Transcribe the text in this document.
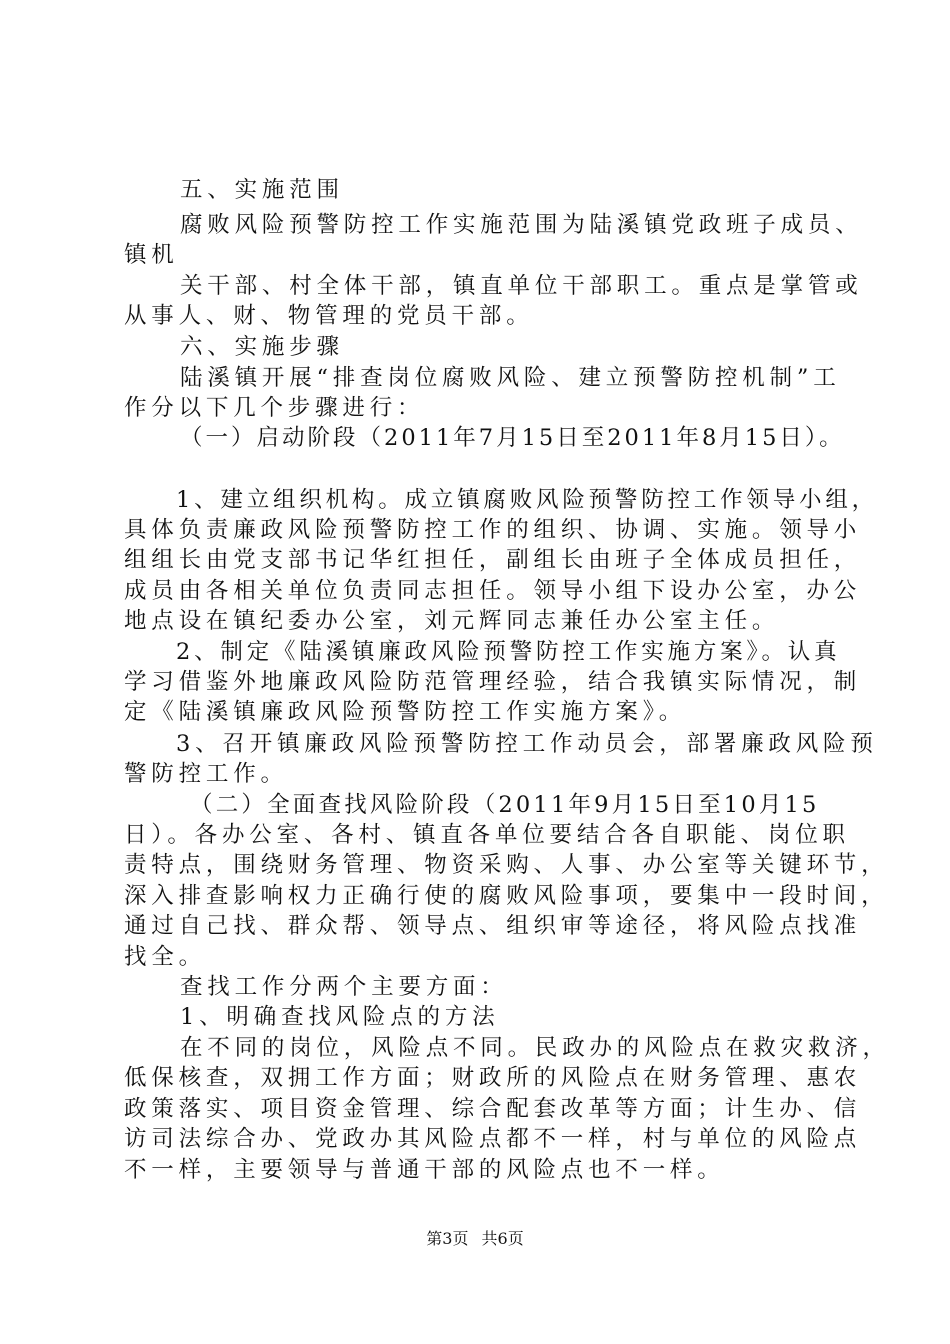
五、实施范围
腐败风险预警防控工作实施范围为陆溪镇党政班子成员、
镇机
关干部、村全体干部，镇直单位干部职工。重点是掌管或
从事人、财、物管理的党员干部。
六、实施步骤
陆溪镇开展“排查岗位腐败风险、建立预警防控机制”工
作分以下几个步骤进行：
（一）启动阶段（2011年7月15日至2011年8月15日）。
1、建立组织机构。成立镇腐败风险预警防控工作领导小组，
具体负责廉政风险预警防控工作的组织、协调、实施。领导小
组组长由党支部书记华红担任，副组长由班子全体成员担任，
成员由各相关单位负责同志担任。领导小组下设办公室，办公
地点设在镇纪委办公室，刘元辉同志兼任办公室主任。
2、制定《陆溪镇廉政风险预警防控工作实施方案》。认真
学习借鉴外地廉政风险防范管理经验，结合我镇实际情况，制
定《陆溪镇廉政风险预警防控工作实施方案》。
3、召开镇廉政风险预警防控工作动员会，部署廉政风险预
警防控工作。
（二）全面查找风险阶段（2011年9月15日至10月15
日）。各办公室、各村、镇直各单位要结合各自职能、岗位职
责特点，围绕财务管理、物资采购、人事、办公室等关键环节，
深入排查影响权力正确行使的腐败风险事项，要集中一段时间，
通过自己找、群众帮、领导点、组织审等途径，将风险点找准
找全。
查找工作分两个主要方面：
1、明确查找风险点的方法
在不同的岗位，风险点不同。民政办的风险点在救灾救济，
低保核查，双拥工作方面；财政所的风险点在财务管理、惠农
政策落实、项目资金管理、综合配套改革等方面；计生办、信
访司法综合办、党政办其风险点都不一样，村与单位的风险点
不一样，主要领导与普通干部的风险点也不一样。
第3页 共6页
